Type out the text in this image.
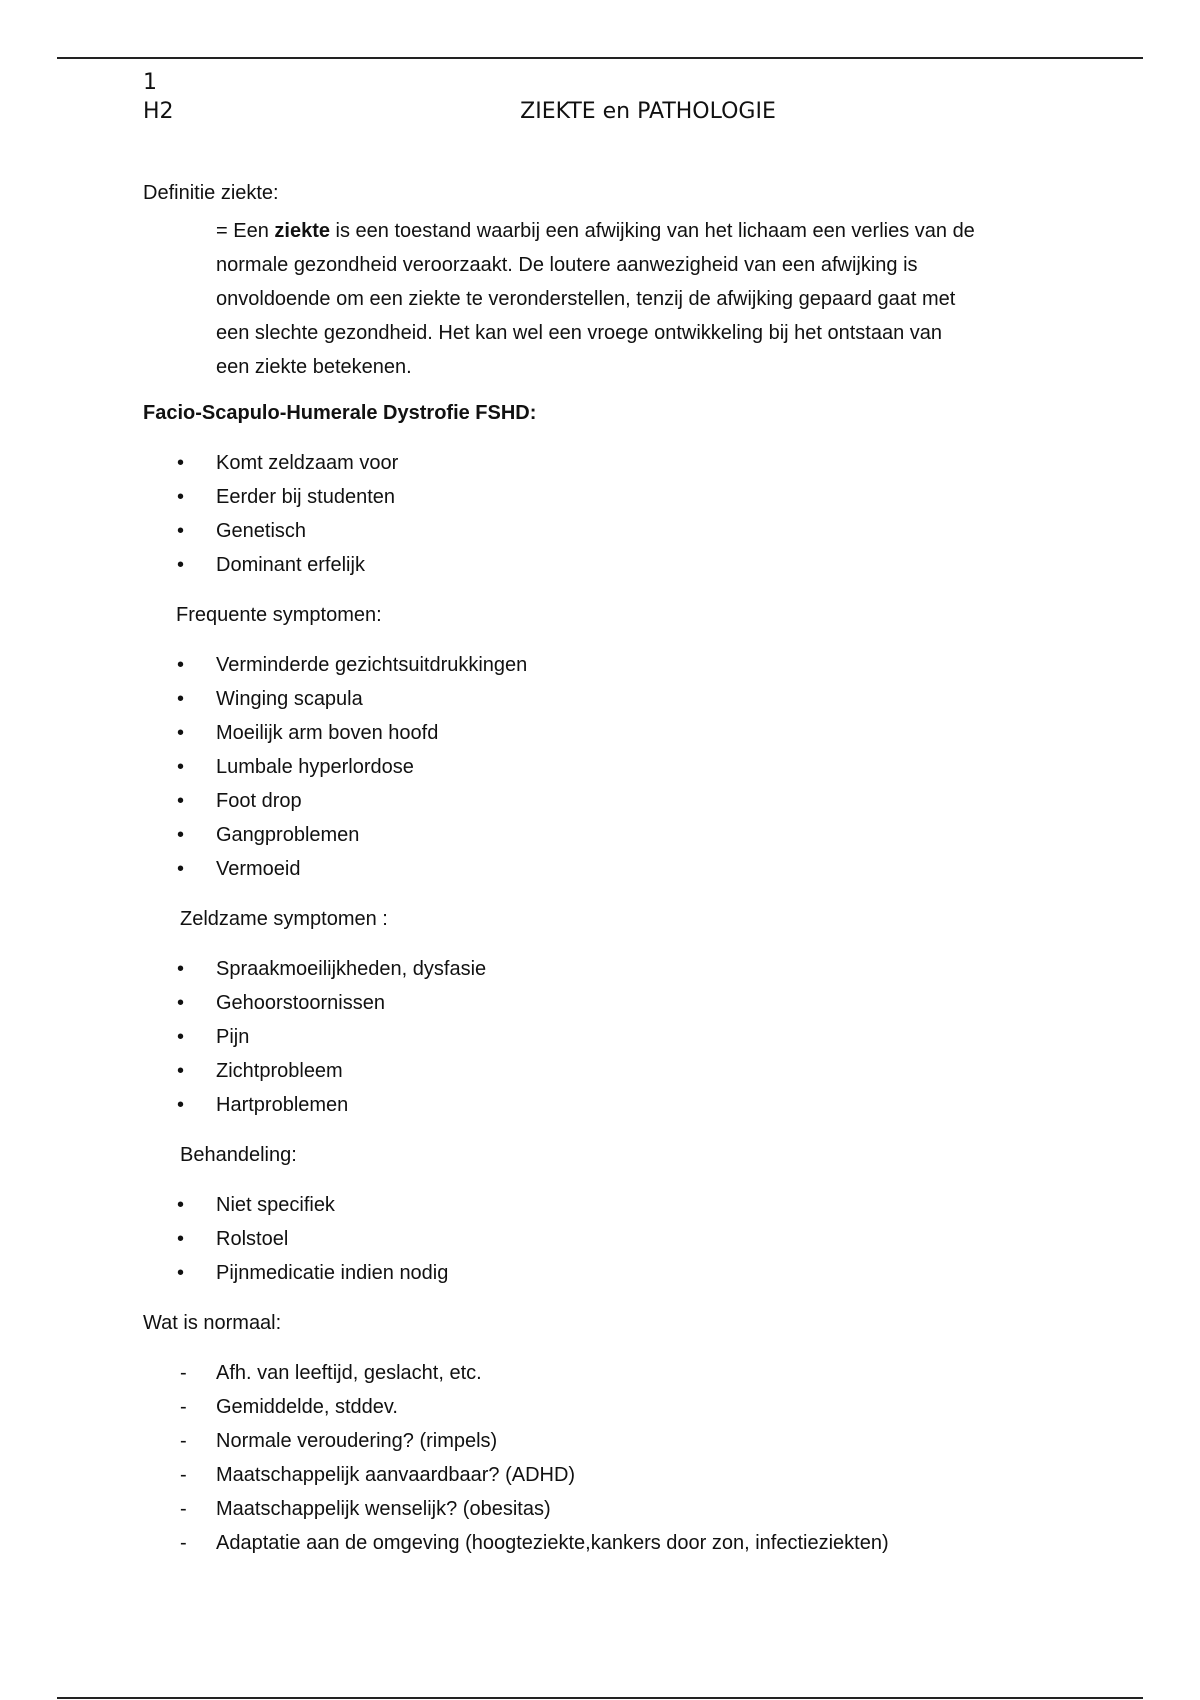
1
H2	ZIEKTE en PATHOLOGIE
Definitie ziekte:
= Een ziekte is een toestand waarbij een afwijking van het lichaam een verlies van de
normale gezondheid veroorzaakt. De loutere aanwezigheid van een afwijking is
onvoldoende om een ziekte te veronderstellen, tenzij de afwijking gepaard gaat met
een slechte gezondheid. Het kan wel een vroege ontwikkeling bij het ontstaan van
een ziekte betekenen.
Facio-Scapulo-Humerale Dystrofie FSHD:
• Komt zeldzaam voor
• Eerder bij studenten
• Genetisch
• Dominant erfelijk
Frequente symptomen:
• Verminderde gezichtsuitdrukkingen
• Winging scapula
• Moeilijk arm boven hoofd
• Lumbale hyperlordose
• Foot drop
• Gangproblemen
• Vermoeid
Zeldzame symptomen :
• Spraakmoeilijkheden, dysfasie
• Gehoorstoornissen
• Pijn
• Zichtprobleem
• Hartproblemen
Behandeling:
• Niet specifiek
• Rolstoel
• Pijnmedicatie indien nodig
Wat is normaal:
- Afh. van leeftijd, geslacht, etc.
- Gemiddelde, stddev.
- Normale veroudering? (rimpels)
- Maatschappelijk aanvaardbaar? (ADHD)
- Maatschappelijk wenselijk? (obesitas)
- Adaptatie aan de omgeving (hoogteziekte,kankers door zon, infectieziekten)
